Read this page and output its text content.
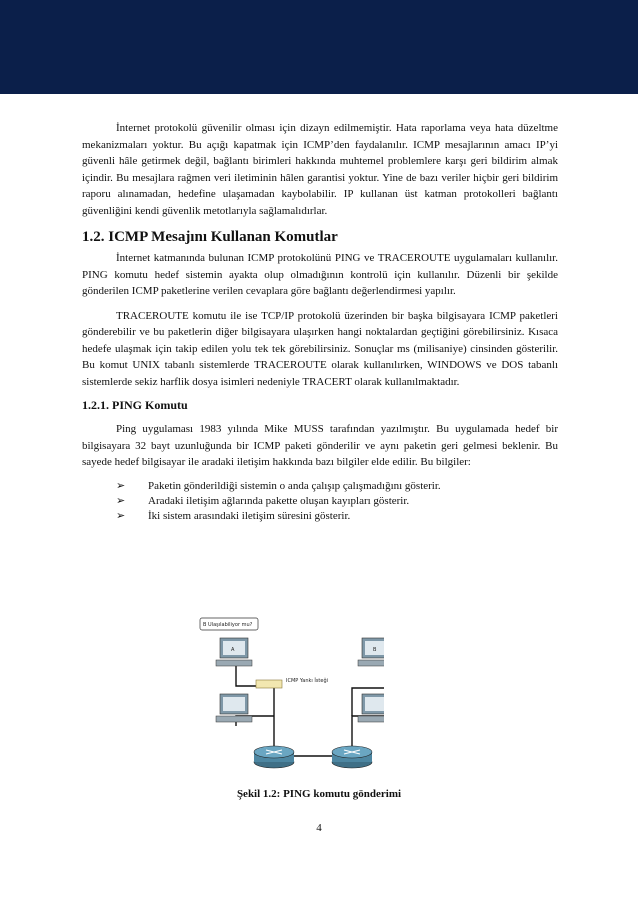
İnternet protokolü güvenilir olması için dizayn edilmemiştir. Hata raporlama veya hata düzeltme mekanizmaları yoktur. Bu açığı kapatmak için ICMP’den faydalanılır. ICMP mesajlarının amacı IP’yi güvenli hâle getirmek değil, bağlantı birimleri hakkında muhtemel problemlere karşı geri bildirim almak içindir. Bu mesajlara rağmen veri iletiminin hâlen garantisi yoktur. Yine de bazı veriler hiçbir geri bildirim raporu alınamadan, hedefine ulaşamadan kaybolabilir. IP kullanan üst katman protokolleri bağlantı güvenliğini kendi güvenlik metotlarıyla sağlamalıdırlar.

1.2. ICMP Mesajını Kullanan Komutlar

İnternet katmanında bulunan ICMP protokolünü PING ve TRACEROUTE uygulamaları kullanılır. PING komutu hedef sistemin ayakta olup olmadığının kontrolü için kullanılır. Düzenli bir şekilde gönderilen ICMP paketlerine verilen cevaplara göre bağlantı değerlendirmesi yapılır.

TRACEROUTE komutu ile ise TCP/IP protokolü üzerinden bir başka bilgisayara ICMP paketleri gönderebilir ve bu paketlerin diğer bilgisayara ulaşırken hangi noktalardan geçtiğini görebilirsiniz. Kısaca hedefe ulaşmak için takip edilen yolu tek tek görebilirsiniz. Sonuçlar ms (milisaniye) cinsinden gösterilir. Bu komut UNIX tabanlı sistemlerde TRACEROUTE olarak kullanılırken, WINDOWS ve DOS tabanlı sistemlerde sekiz harflik dosya isimleri nedeniyle TRACERT olarak kullanılmaktadır.

1.2.1. PING Komutu

Ping uygulaması 1983 yılında Mike MUSS tarafından yazılmıştır. Bu uygulamada hedef bir bilgisayara 32 bayt uzunluğunda bir ICMP paketi gönderilir ve aynı paketin geri gelmesi beklenir. Bu sayede hedef bilgisayar ile aradaki iletişim hakkında bazı bilgiler elde edilir. Bu bilgiler:

➢ Paketin gönderildiği sistemin o anda çalışıp çalışmadığını gösterir.
➢ Aradaki iletişim ağlarında pakette oluşan kayıpları gösterir.
➢ İki sistem arasındaki iletişim süresini gösterir.
B Ulaşılabiliyor mu?
A	B
ICMP Yankı İsteği
Şekil 1.2: PING komutu gönderimi
4
